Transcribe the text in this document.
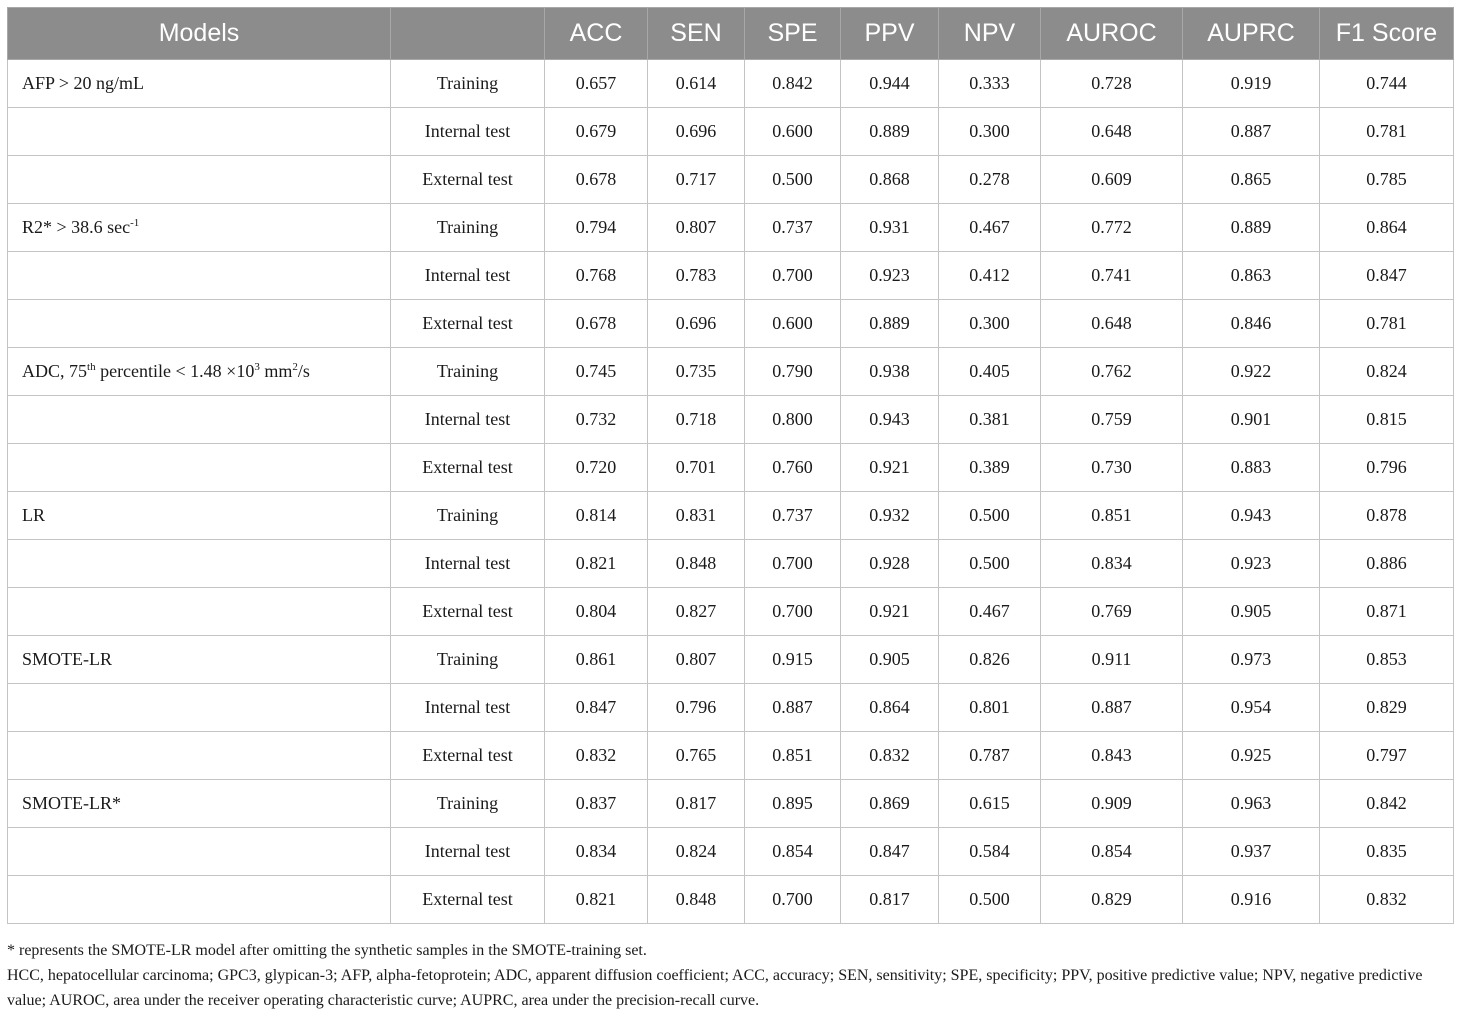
Models		ACC	SEN	SPE	PPV	NPV	AUROC	AUPRC	F1 Score
AFP > 20 ng/mL	Training	0.657	0.614	0.842	0.944	0.333	0.728	0.919	0.744
	Internal test	0.679	0.696	0.600	0.889	0.300	0.648	0.887	0.781
	External test	0.678	0.717	0.500	0.868	0.278	0.609	0.865	0.785
R2* > 38.6 $\sec^{-1}$	Training	0.794	0.807	0.737	0.931	0.467	0.772	0.889	0.864
	Internal test	0.768	0.783	0.700	0.923	0.412	0.741	0.863	0.847
	External test	0.678	0.696	0.600	0.889	0.300	0.648	0.846	0.781
ADC, 75th percentile < $1.48 \times 10^3$ $mm^2/s$	Training	0.745	0.735	0.790	0.938	0.405	0.762	0.922	0.824
	Internal test	0.732	0.718	0.800	0.943	0.381	0.759	0.901	0.815
	External test	0.720	0.701	0.760	0.921	0.389	0.730	0.883	0.796
LR	Training	0.814	0.831	0.737	0.932	0.500	0.851	0.943	0.878
	Internal test	0.821	0.848	0.700	0.928	0.500	0.834	0.923	0.886
	External test	0.804	0.827	0.700	0.921	0.467	0.769	0.905	0.871
SMOTE-LR	Training	0.861	0.807	0.915	0.905	0.826	0.911	0.973	0.853
	Internal test	0.847	0.796	0.887	0.864	0.801	0.887	0.954	0.829
	External test	0.832	0.765	0.851	0.832	0.787	0.843	0.925	0.797
SMOTE-LR*	Training	0.837	0.817	0.895	0.869	0.615	0.909	0.963	0.842
	Internal test	0.834	0.824	0.854	0.847	0.584	0.854	0.937	0.835
	External test	0.821	0.848	0.700	0.817	0.500	0.829	0.916	0.832

* represents the SMOTE-LR model after omitting the synthetic samples in the SMOTE-training set.

HCC, hepatocellular carcinoma; GPC3, glypican-3; AFP, alpha-fetoprotein; ADC, apparent diffusion coefficient; ACC, accuracy; SEN, sensitivity; SPE, specificity; PPV, positive predictive value; NPV, negative predictive value; AUROC, area under the receiver operating characteristic curve; AUPRC, area under the precision-recall curve.
